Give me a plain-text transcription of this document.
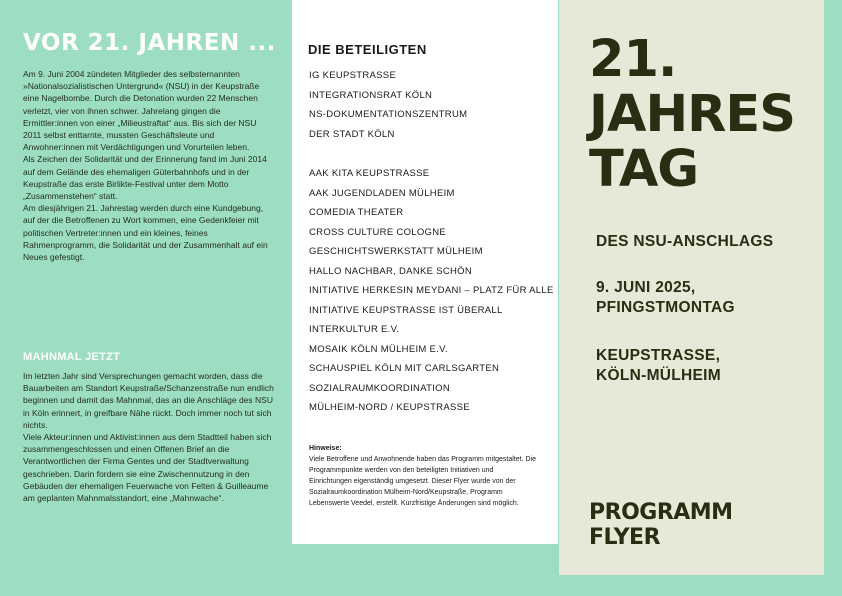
VOR 21. JAHREN ...

Am 9. Juni 2004 zündeten Mitglieder des selbsternannten »Nationalsozialistischen Untergrund« (NSU) in der Keupstraße eine Nagelbombe. Durch die Detonation wurden 22 Menschen verletzt, vier von ihnen schwer. Jahrelang gingen die Ermittler:innen von einer „Milieustraftat“ aus. Bis sich der NSU 2011 selbst enttarnte, mussten Geschäftsleute und Anwohner:innen mit Verdächtigungen und Vorurteilen leben.

Als Zeichen der Solidarität und der Erinnerung fand im Juni 2014 auf dem Gelände des ehemaligen Güterbahnhofs und in der Keupstraße das erste Birlikte-Festival unter dem Motto „Zusammenstehen“ statt.

Am diesjährigen 21. Jahrestag werden durch eine Kundgebung, auf der die Betroffenen zu Wort kommen, eine Gedenkfeier mit politischen Vertreter:innen und ein kleines, feines Rahmenprogramm, die Solidarität und der Zusammenhalt auf ein Neues gefestigt.

MAHNMAL JETZT

Im letzten Jahr sind Versprechungen gemacht worden, dass die Bauarbeiten am Standort Keupstraße/Schanzenstraße nun endlich beginnen und damit das Mahnmal, das an die Anschläge des NSU in Köln erinnert, in greifbare Nähe rückt. Doch immer noch tut sich nichts.

Viele Akteur:innen und Aktivist:innen aus dem Stadtteil haben sich zusammengeschlossen und einen Offenen Brief an die Verantwortlichen der Firma Gentes und der Stadtverwaltung geschrieben. Darin fordern sie eine Zwischennutzung in den Gebäuden der ehemaligen Feuerwache von Felten & Guilleaume am geplanten Mahnmalsstandort, eine „Mahnwache“.

DIE BETEILIGTEN
IG KEUPSTRASSE
INTEGRATIONSRAT KÖLN
NS-DOKUMENTATIONSZENTRUM
DER STADT KÖLN
AAK KITA KEUPSTRASSE
AAK JUGENDLADEN MÜLHEIM
COMEDIA THEATER
CROSS CULTURE COLOGNE
GESCHICHTSWERKSTATT MÜLHEIM
HALLO NACHBAR, DANKE SCHÖN
INITIATIVE HERKESIN MEYDANI – PLATZ FÜR ALLE
INITIATIVE KEUPSTRASSE IST ÜBERALL
INTERKULTUR E.V.
MOSAIK KÖLN MÜLHEIM E.V.
SCHAUSPIEL KÖLN MIT CARLSGARTEN
SOZIALRAUMKOORDINATION
MÜLHEIM-NORD / KEUPSTRASSE

Hinweise:

Viele Betroffene und Anwohnende haben das Programm mitgestaltet. Die Programmpunkte werden von den beteiligten Initiativen und Einrichtungen eigenständig umgesetzt. Dieser Flyer wurde von der Sozialraumkoordination Mülheim-Nord/Keupstraße, Programm Lebenswerte Veedel, erstellt. Kurzfristige Änderungen sind möglich.

21.
JAHRES
TAG

DES NSU-ANSCHLAGS

9. JUNI 2025,
PFINGSTMONTAG

KEUPSTRASSE,
KÖLN-MÜLHEIM

PROGRAMM
FLYER
